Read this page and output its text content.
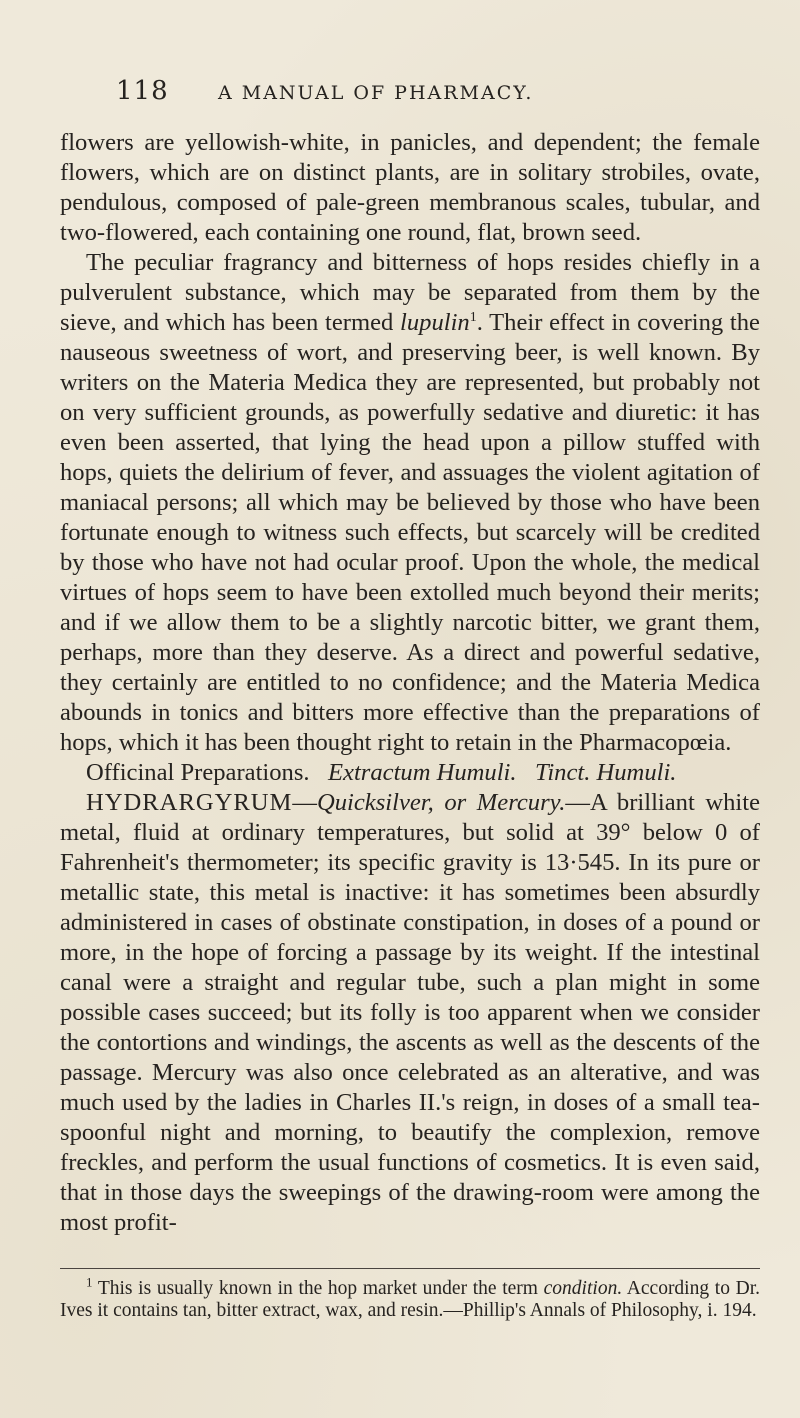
118	A MANUAL OF PHARMACY.

flowers are yellowish-white, in panicles, and dependent; the female flowers, which are on distinct plants, are in solitary strobiles, ovate, pendulous, composed of pale-green membranous scales, tubular, and two-flowered, each containing one round, flat, brown seed.

The peculiar fragrancy and bitterness of hops resides chiefly in a pulverulent substance, which may be separated from them by the sieve, and which has been termed lupulin$^1$. Their effect in covering the nauseous sweetness of wort, and preserving beer, is well known. By writers on the Materia Medica they are represented, but probably not on very sufficient grounds, as powerfully sedative and diuretic: it has even been asserted, that lying the head upon a pillow stuffed with hops, quiets the delirium of fever, and assuages the violent agitation of maniacal persons; all which may be believed by those who have been fortunate enough to witness such effects, but scarcely will be credited by those who have not had ocular proof. Upon the whole, the medical virtues of hops seem to have been extolled much beyond their merits; and if we allow them to be a slightly narcotic bitter, we grant them, perhaps, more than they deserve. As a direct and powerful sedative, they certainly are entitled to no confidence; and the Materia Medica abounds in tonics and bitters more effective than the preparations of hops, which it has been thought right to retain in the Pharmacopœia.

Officinal Preparations. Extractum Humuli. Tinct. Humuli.

HYDRARGYRUM—Quicksilver, or Mercury.—A brilliant white metal, fluid at ordinary temperatures, but solid at 39° below 0 of Fahrenheit's thermometer; its specific gravity is 13·545. In its pure or metallic state, this metal is inactive: it has sometimes been absurdly administered in cases of obstinate constipation, in doses of a pound or more, in the hope of forcing a passage by its weight. If the intestinal canal were a straight and regular tube, such a plan might in some possible cases succeed; but its folly is too apparent when we consider the contortions and windings, the ascents as well as the descents of the passage. Mercury was also once celebrated as an alterative, and was much used by the ladies in Charles II.'s reign, in doses of a small tea-spoonful night and morning, to beautify the complexion, remove freckles, and perform the usual functions of cosmetics. It is even said, that in those days the sweepings of the drawing-room were among the most profit-

$^1$ This is usually known in the hop market under the term condition. According to Dr. Ives it contains tan, bitter extract, wax, and resin.—Phillip's Annals of Philosophy, i. 194.
